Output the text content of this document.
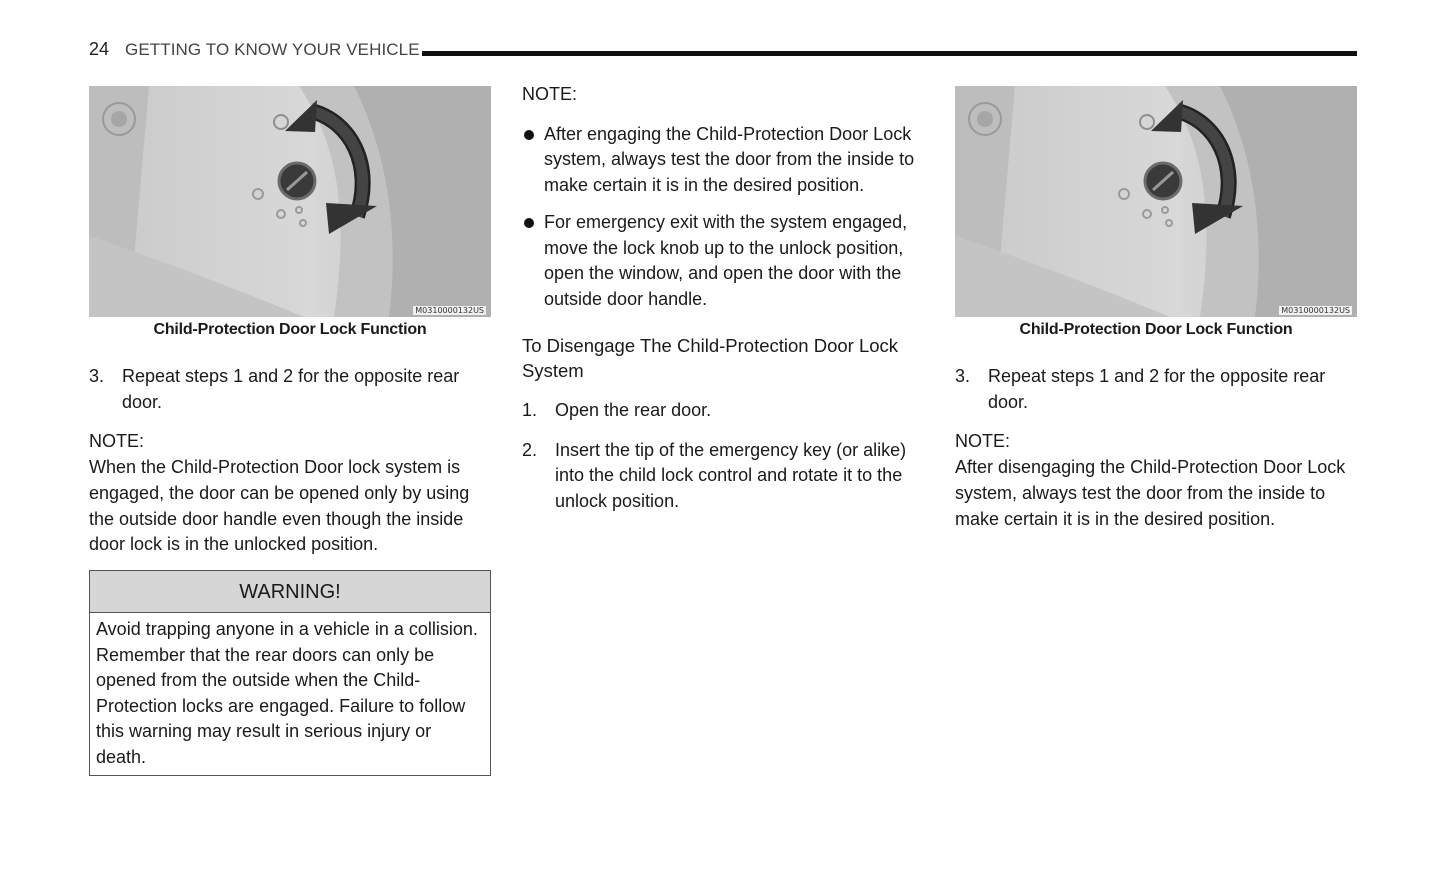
24 GETTING TO KNOW YOUR VEHICLE
M0310000132US
Child-Protection Door Lock Function
3. Repeat steps 1 and 2 for the opposite rear door.

NOTE:

When the Child-Protection Door lock system is engaged, the door can be opened only by using the outside door handle even though the inside door lock is in the unlocked position.

WARNING!
Avoid trapping anyone in a vehicle in a collision. Remember that the rear doors can only be opened from the outside when the Child-Protection locks are engaged. Failure to follow this warning may result in serious injury or death.

NOTE:

After engaging the Child-Protection Door Lock system, always test the door from the inside to make certain it is in the desired position.
For emergency exit with the system engaged, move the lock knob up to the unlock position, open the window, and open the door with the outside door handle.

To Disengage The Child-Protection Door Lock System

1. Open the rear door.
2. Insert the tip of the emergency key (or alike) into the child lock control and rotate it to the unlock position.
M0310000132US
Child-Protection Door Lock Function
3. Repeat steps 1 and 2 for the opposite rear door.

NOTE:

After disengaging the Child-Protection Door Lock system, always test the door from the inside to make certain it is in the desired position.
